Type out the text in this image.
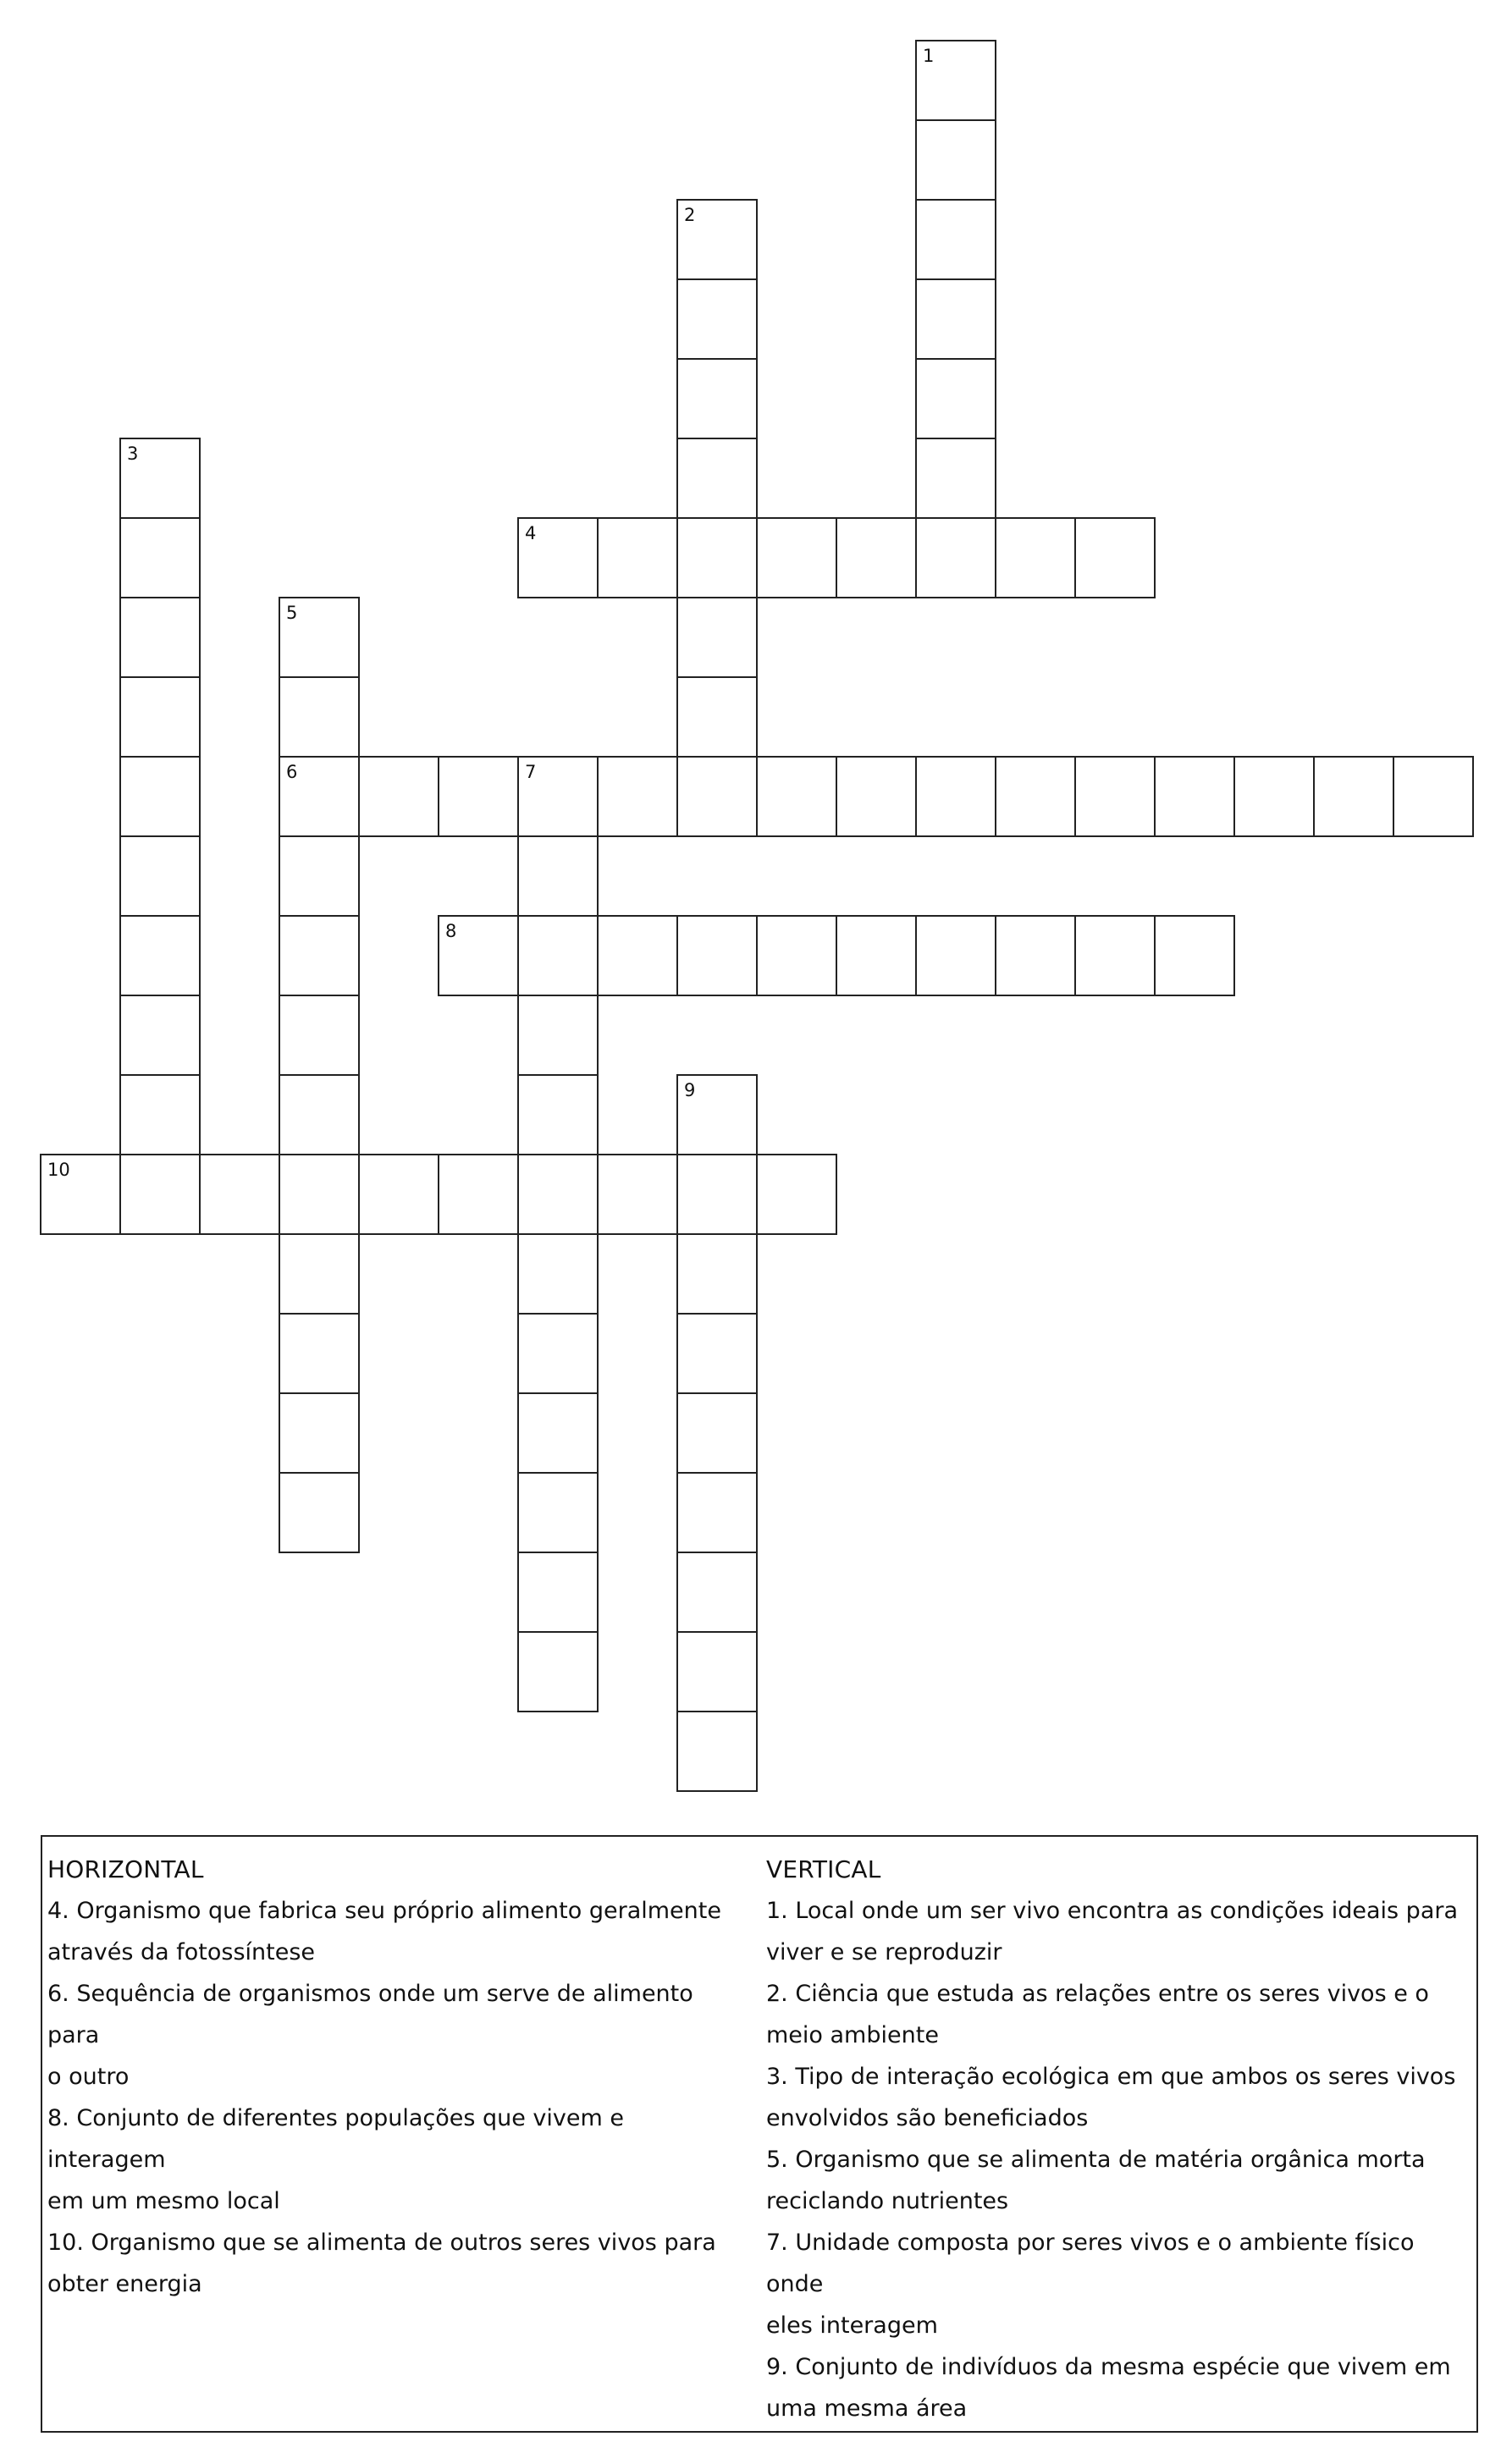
1
2
3
4
5
6	7
8
9
10
HORIZONTAL
4. Organismo que fabrica seu próprio alimento geralmente
através da fotossíntese
6. Sequência de organismos onde um serve de alimento para
o outro
8. Conjunto de diferentes populações que vivem e interagem
em um mesmo local
10. Organismo que se alimenta de outros seres vivos para
obter energia
VERTICAL
1. Local onde um ser vivo encontra as condições ideais para
viver e se reproduzir
2. Ciência que estuda as relações entre os seres vivos e o
meio ambiente
3. Tipo de interação ecológica em que ambos os seres vivos
envolvidos são beneficiados
5. Organismo que se alimenta de matéria orgânica morta
reciclando nutrientes
7. Unidade composta por seres vivos e o ambiente físico onde
eles interagem
9. Conjunto de indivíduos da mesma espécie que vivem em
uma mesma área
